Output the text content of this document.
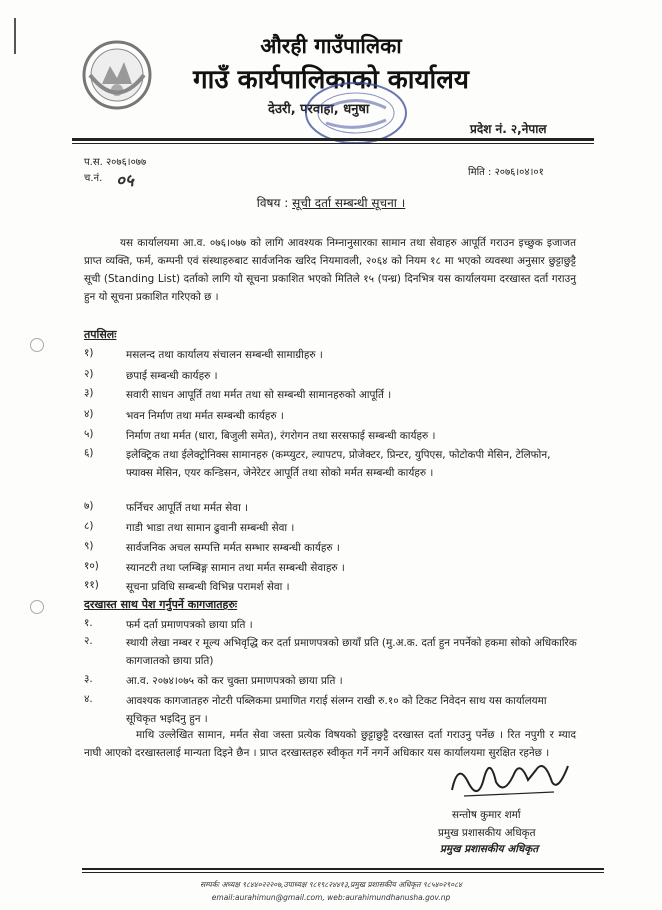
औरही गाउँपालिका
गाउँ कार्यपालिकाको कार्यालय
देउरी, परवाहा, धनुषा
प्रदेश नं. २,नेपाल
प.स. २०७६।०७७
च.नं. ०५	मिति : २०७६।०४।०१
विषय : सूची दर्ता सम्बन्धी सूचना ।
यस कार्यालयमा आ.व. ०७६।०७७ को लागि आवश्यक निम्नानुसारका सामान तथा सेवाहरु आपूर्ति गराउन इच्छुक इजाजत प्राप्त व्यक्ति, फर्म, कम्पनी एवं संस्थाहरुबाट सार्वजनिक खरिद नियमावली, २०६४ को नियम १८ मा भएको व्यवस्था अनुसार छुट्टाछुट्टै सूची (Standing List) दर्ताको लागि यो सूचना प्रकाशित भएको मितिले १५ (पन्ध्र) दिनभित्र यस कार्यालयमा दरखास्त दर्ता गराउनु हुन यो सूचना प्रकाशित गरिएको छ ।
तपसिलः
१)	मसलन्द तथा कार्यालय संचालन सम्बन्धी सामाग्रीहरु ।
२)	छपाई सम्बन्धी कार्यहरु ।
३)	सवारी साधन आपूर्ति तथा मर्मत तथा सो सम्बन्धी सामानहरुको आपूर्ति ।
४)	भवन निर्माण तथा मर्मत सम्बन्धी कार्यहरु ।
५)	निर्माण तथा मर्मत (धारा, बिजुली समेत), रंगरोगन तथा सरसफाई सम्बन्धी कार्यहरु ।
६)	इलेक्ट्रिक तथा ईलेक्ट्रोनिक्स सामानहरु (कम्प्युटर, ल्यापटप, प्रोजेक्टर, प्रिन्टर, युपिएस, फोटोकपी मेसिन, टेलिफोन, फ्याक्स मेसिन, एयर कन्डिसन, जेनेरेटर आपूर्ति तथा सोको मर्मत सम्बन्धी कार्यहरु ।
७)	फर्निचर आपूर्ति तथा मर्मत सेवा ।
८)	गाडी भाडा तथा सामान ढुवानी सम्बन्धी सेवा ।
९)	सार्वजनिक अचल सम्पत्ति मर्मत सम्भार सम्बन्धी कार्यहरु ।
१०)	स्यानटरी तथा प्लम्बिङ्ग सामान तथा मर्मत सम्बन्धी सेवाहरु ।
११)	सूचना प्रविधि सम्बन्धी विभिन्न परामर्श सेवा ।
दरखास्त साथ पेश गर्नुपर्ने कागजातहरुः
१.	फर्म दर्ता प्रमाणपत्रको छाया प्रति ।
२.	स्थायी लेखा नम्बर र मूल्य अभिवृद्धि कर दर्ता प्रमाणपत्रको छायाँ प्रति (मु.अ.क. दर्ता हुन नपर्नेको हकमा सोको अधिकारिक कागजातको छाया प्रति)
३.	आ.व. २०७४।०७५ को कर चुक्ता प्रमाणपत्रको छाया प्रति ।
४.	आवश्यक कागजातहरु नोटरी पब्लिकमा प्रमाणित गराई संलग्न राखी रु.१० को टिकट निवेदन साथ यस कार्यालयमा सूचिकृत भइदिनु हुन ।
माथि उल्लेखित सामान, मर्मत सेवा जस्ता प्रत्येक विषयको छुट्टाछुट्टै दरखास्त दर्ता गराउनु पर्नेछ । रित नपुगी र म्याद नाघी आएको दरखास्तलाई मान्यता दिइने छैन । प्राप्त दरखास्तहरु स्वीकृत गर्ने नगर्ने अधिकार यस कार्यालयमा सुरक्षित रहनेछ ।
सन्तोष कुमार शर्मा
प्रमुख प्रशासकीय अधिकृत
प्रमुख प्रशासकीय अधिकृत
सम्पर्कः अध्यक्ष ९८४४०२२२०७,उपाध्यक्ष ९८१९८२४४१३,प्रमुख प्रशासकीय अधिकृत ९८५४०२९०८४
email:aurahimun@gmail.com, web:aurahimundhanusha.gov.np
